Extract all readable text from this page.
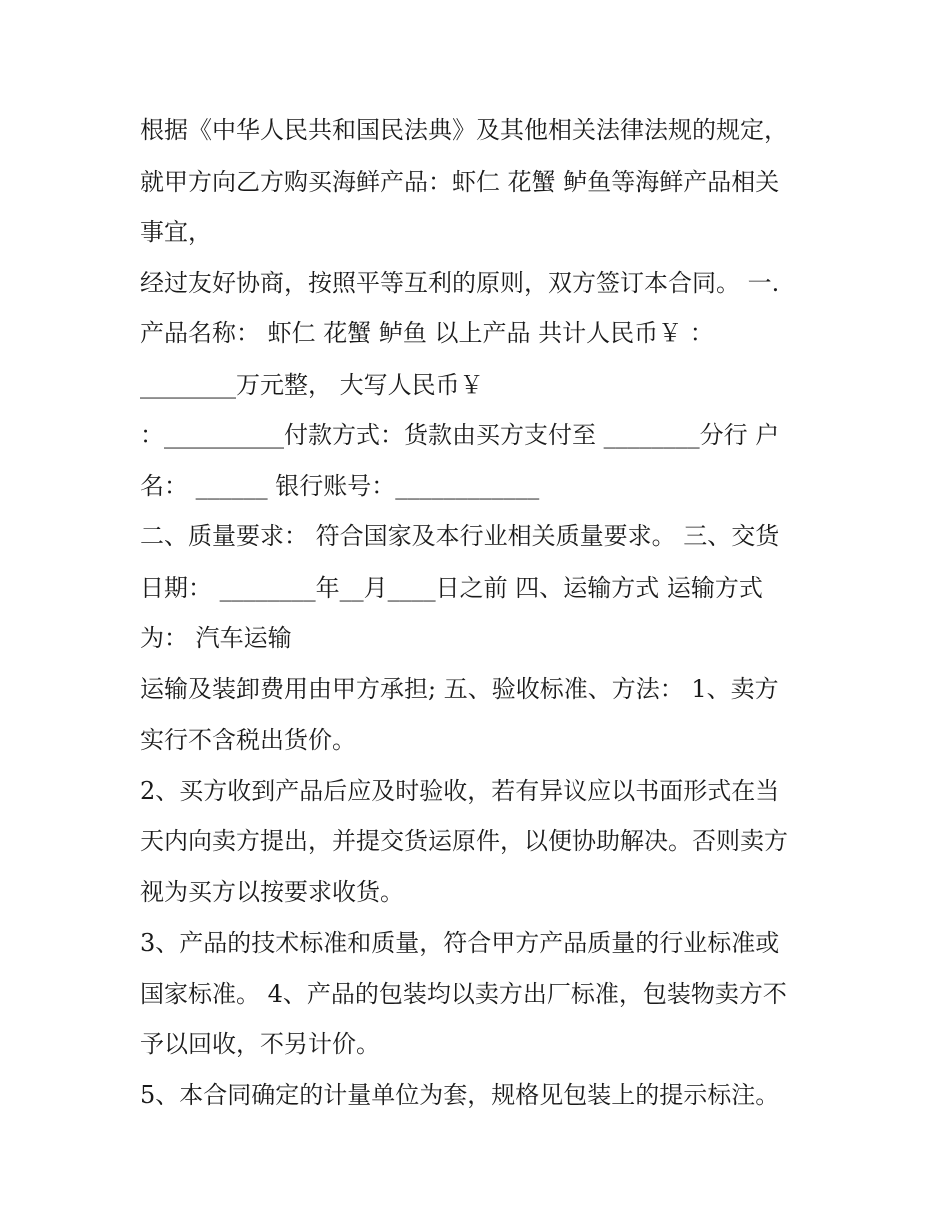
根据《中华人民共和国民法典》及其他相关法律法规的规定，
就甲方向乙方购买海鲜产品：虾仁 花蟹 鲈鱼等海鲜产品相关
事宜，
经过友好协商，按照平等互利的原则，双方签订本合同。 一.
产品名称： 虾仁 花蟹 鲈鱼 以上产品 共计人民币￥ ：
________万元整， 大写人民币￥
：__________付款方式：货款由买方支付至 ________分行 户
名： ______ 银行账号：____________
二、质量要求： 符合国家及本行业相关质量要求。 三、交货
日期： ________年__月____日之前 四、运输方式 运输方式
为： 汽车运输
运输及装卸费用由甲方承担; 五、验收标准、方法： 1、卖方
实行不含税出货价。
2、买方收到产品后应及时验收，若有异议应以书面形式在当
天内向卖方提出，并提交货运原件，以便协助解决。否则卖方
视为买方以按要求收货。
3、产品的技术标准和质量，符合甲方产品质量的行业标准或
国家标准。 4、产品的包装均以卖方出厂标准，包装物卖方不
予以回收，不另计价。
5、本合同确定的计量单位为套，规格见包装上的提示标注。
